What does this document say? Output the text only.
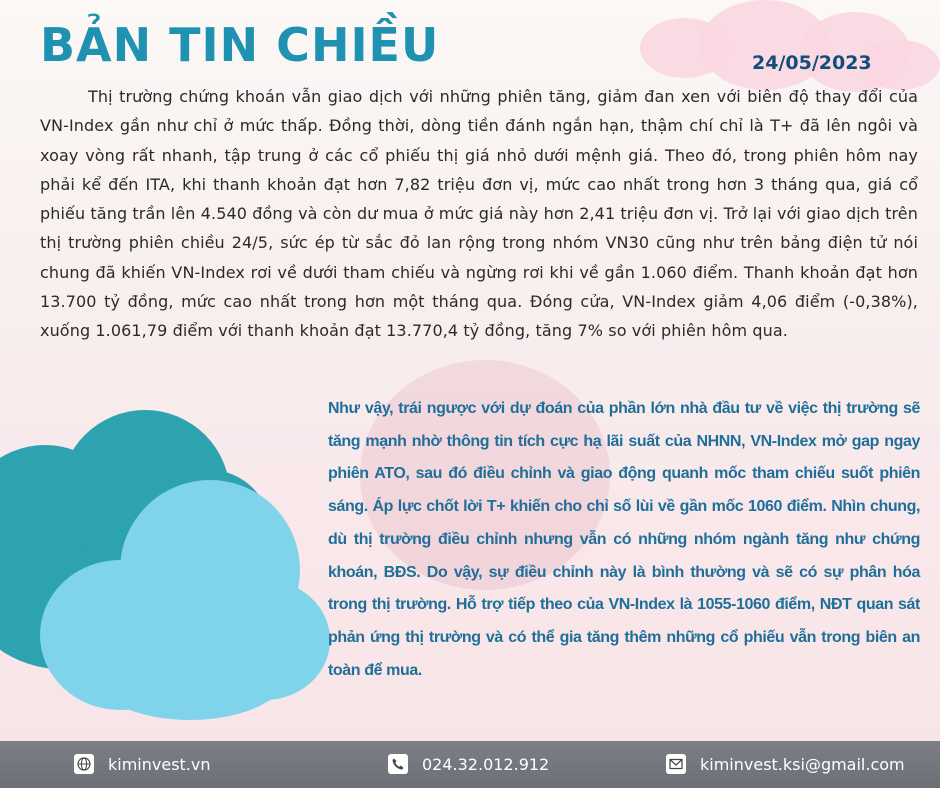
BẢN TIN CHIỀU	24/05/2023

Thị trường chứng khoán vẫn giao dịch với những phiên tăng, giảm đan xen với biên độ thay đổi của VN-Index gần như chỉ ở mức thấp. Đồng thời, dòng tiền đánh ngắn hạn, thậm chí chỉ là T+ đã lên ngôi và xoay vòng rất nhanh, tập trung ở các cổ phiếu thị giá nhỏ dưới mệnh giá. Theo đó, trong phiên hôm nay phải kể đến ITA, khi thanh khoản đạt hơn 7,82 triệu đơn vị, mức cao nhất trong hơn 3 tháng qua, giá cổ phiếu tăng trần lên 4.540 đồng và còn dư mua ở mức giá này hơn 2,41 triệu đơn vị. Trở lại với giao dịch trên thị trường phiên chiều 24/5, sức ép từ sắc đỏ lan rộng trong nhóm VN30 cũng như trên bảng điện tử nói chung đã khiến VN-Index rơi về dưới tham chiếu và ngừng rơi khi về gần 1.060 điểm. Thanh khoản đạt hơn 13.700 tỷ đồng, mức cao nhất trong hơn một tháng qua. Đóng cửa, VN-Index giảm 4,06 điểm (-0,38%), xuống 1.061,79 điểm với thanh khoản đạt 13.770,4 tỷ đồng, tăng 7% so với phiên hôm qua.

Như vậy, trái ngược với dự đoán của phần lớn nhà đầu tư về việc thị trường sẽ tăng mạnh nhờ thông tin tích cực hạ lãi suất của NHNN, VN-Index mở gap ngay phiên ATO, sau đó điều chỉnh và giao động quanh mốc tham chiếu suốt phiên sáng. Áp lực chốt lời T+ khiến cho chỉ số lùi về gần mốc 1060 điểm. Nhìn chung, dù thị trường điều chỉnh nhưng vẫn có những nhóm ngành tăng như chứng khoán, BĐS. Do vậy, sự điều chỉnh này là bình thường và sẽ có sự phân hóa trong thị trường. Hỗ trợ tiếp theo của VN-Index là 1055-1060 điểm, NĐT quan sát phản ứng thị trường và có thể gia tăng thêm những cổ phiếu vẫn trong biên an toàn để mua.

kiminvest.vn	024.32.012.912	kiminvest.ksi@gmail.com
